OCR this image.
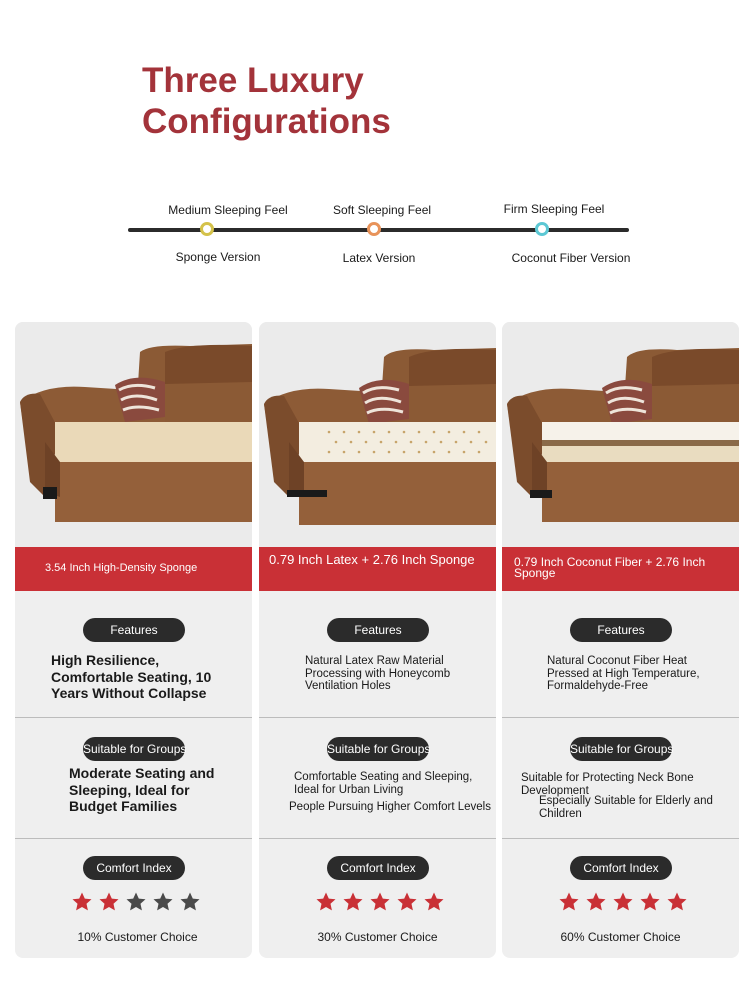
Three Luxury
Configurations
Medium Sleeping Feel
Sponge Version
Soft Sleeping Feel
Latex Version
Firm Sleeping Feel
Coconut Fiber Version
3.54 Inch High-Density Sponge
Features
High Resilience, Comfortable Seating, 10 Years Without Collapse
Suitable for Groups
Moderate Seating and Sleeping, Ideal for Budget Families
Comfort Index
10% Customer Choice
0.79 Inch Latex + 2.76 Inch Sponge
Features
Natural Latex Raw Material Processing with Honeycomb Ventilation Holes
Suitable for Groups
Comfortable Seating and Sleeping, Ideal for Urban Living
People Pursuing Higher Comfort Levels
Comfort Index
30% Customer Choice
0.79 Inch Coconut Fiber + 2.76 Inch Sponge
Features
Natural Coconut Fiber Heat Pressed at High Temperature, Formaldehyde-Free
Suitable for Groups
Suitable for Protecting Neck Bone Development
Especially Suitable for Elderly and Children
Comfort Index
60% Customer Choice
